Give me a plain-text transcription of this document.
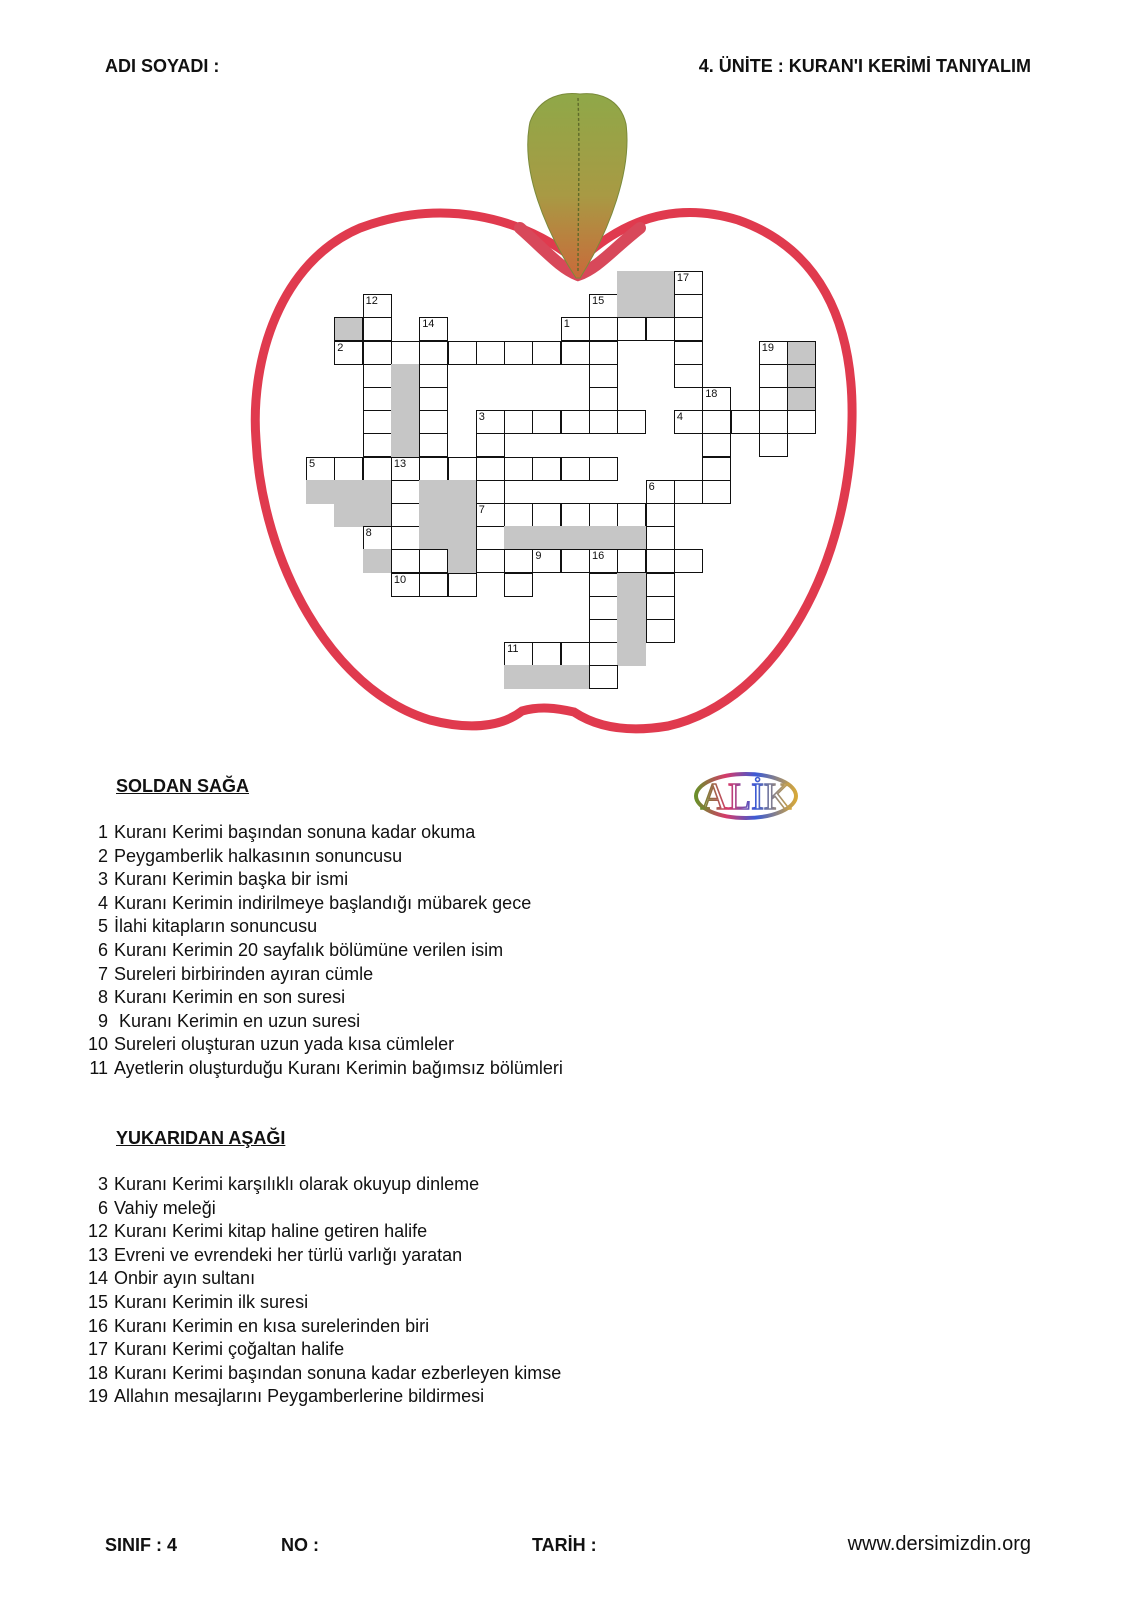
ADI SOYADI :	4. ÜNİTE : KURAN'I KERİMİ TANIYALIM
1
2
3	4
5
6
7
8
9
10
11
12
13
14
15
16
17
18
19
SOLDAN SAĞA
1 Kuranı Kerimi başından sonuna kadar okuma
2 Peygamberlik halkasının sonuncusu
3 Kuranı Kerimin başka bir ismi
4 Kuranı Kerimin indirilmeye başlandığı mübarek gece
5 İlahi kitapların sonuncusu
6 Kuranı Kerimin 20 sayfalık bölümüne verilen isim
7 Sureleri birbirinden ayıran cümle
8 Kuranı Kerimin en son suresi
9 Kuranı Kerimin en uzun suresi
10 Sureleri oluşturan uzun yada kısa cümleler
11 Ayetlerin oluşturduğu Kuranı Kerimin bağımsız bölümleri
ALİK
YUKARIDAN AŞAĞI
3 Kuranı Kerimi karşılıklı olarak okuyup dinleme
6 Vahiy meleği
12 Kuranı Kerimi kitap haline getiren halife
13 Evreni ve evrendeki her türlü varlığı yaratan
14 Onbir ayın sultanı
15 Kuranı Kerimin ilk suresi
16 Kuranı Kerimin en kısa surelerinden biri
17 Kuranı Kerimi çoğaltan halife
18 Kuranı Kerimi başından sonuna kadar ezberleyen kimse
19 Allahın mesajlarını Peygamberlerine bildirmesi
SINIF : 4	NO :	TARİH :	www.dersimizdin.org
